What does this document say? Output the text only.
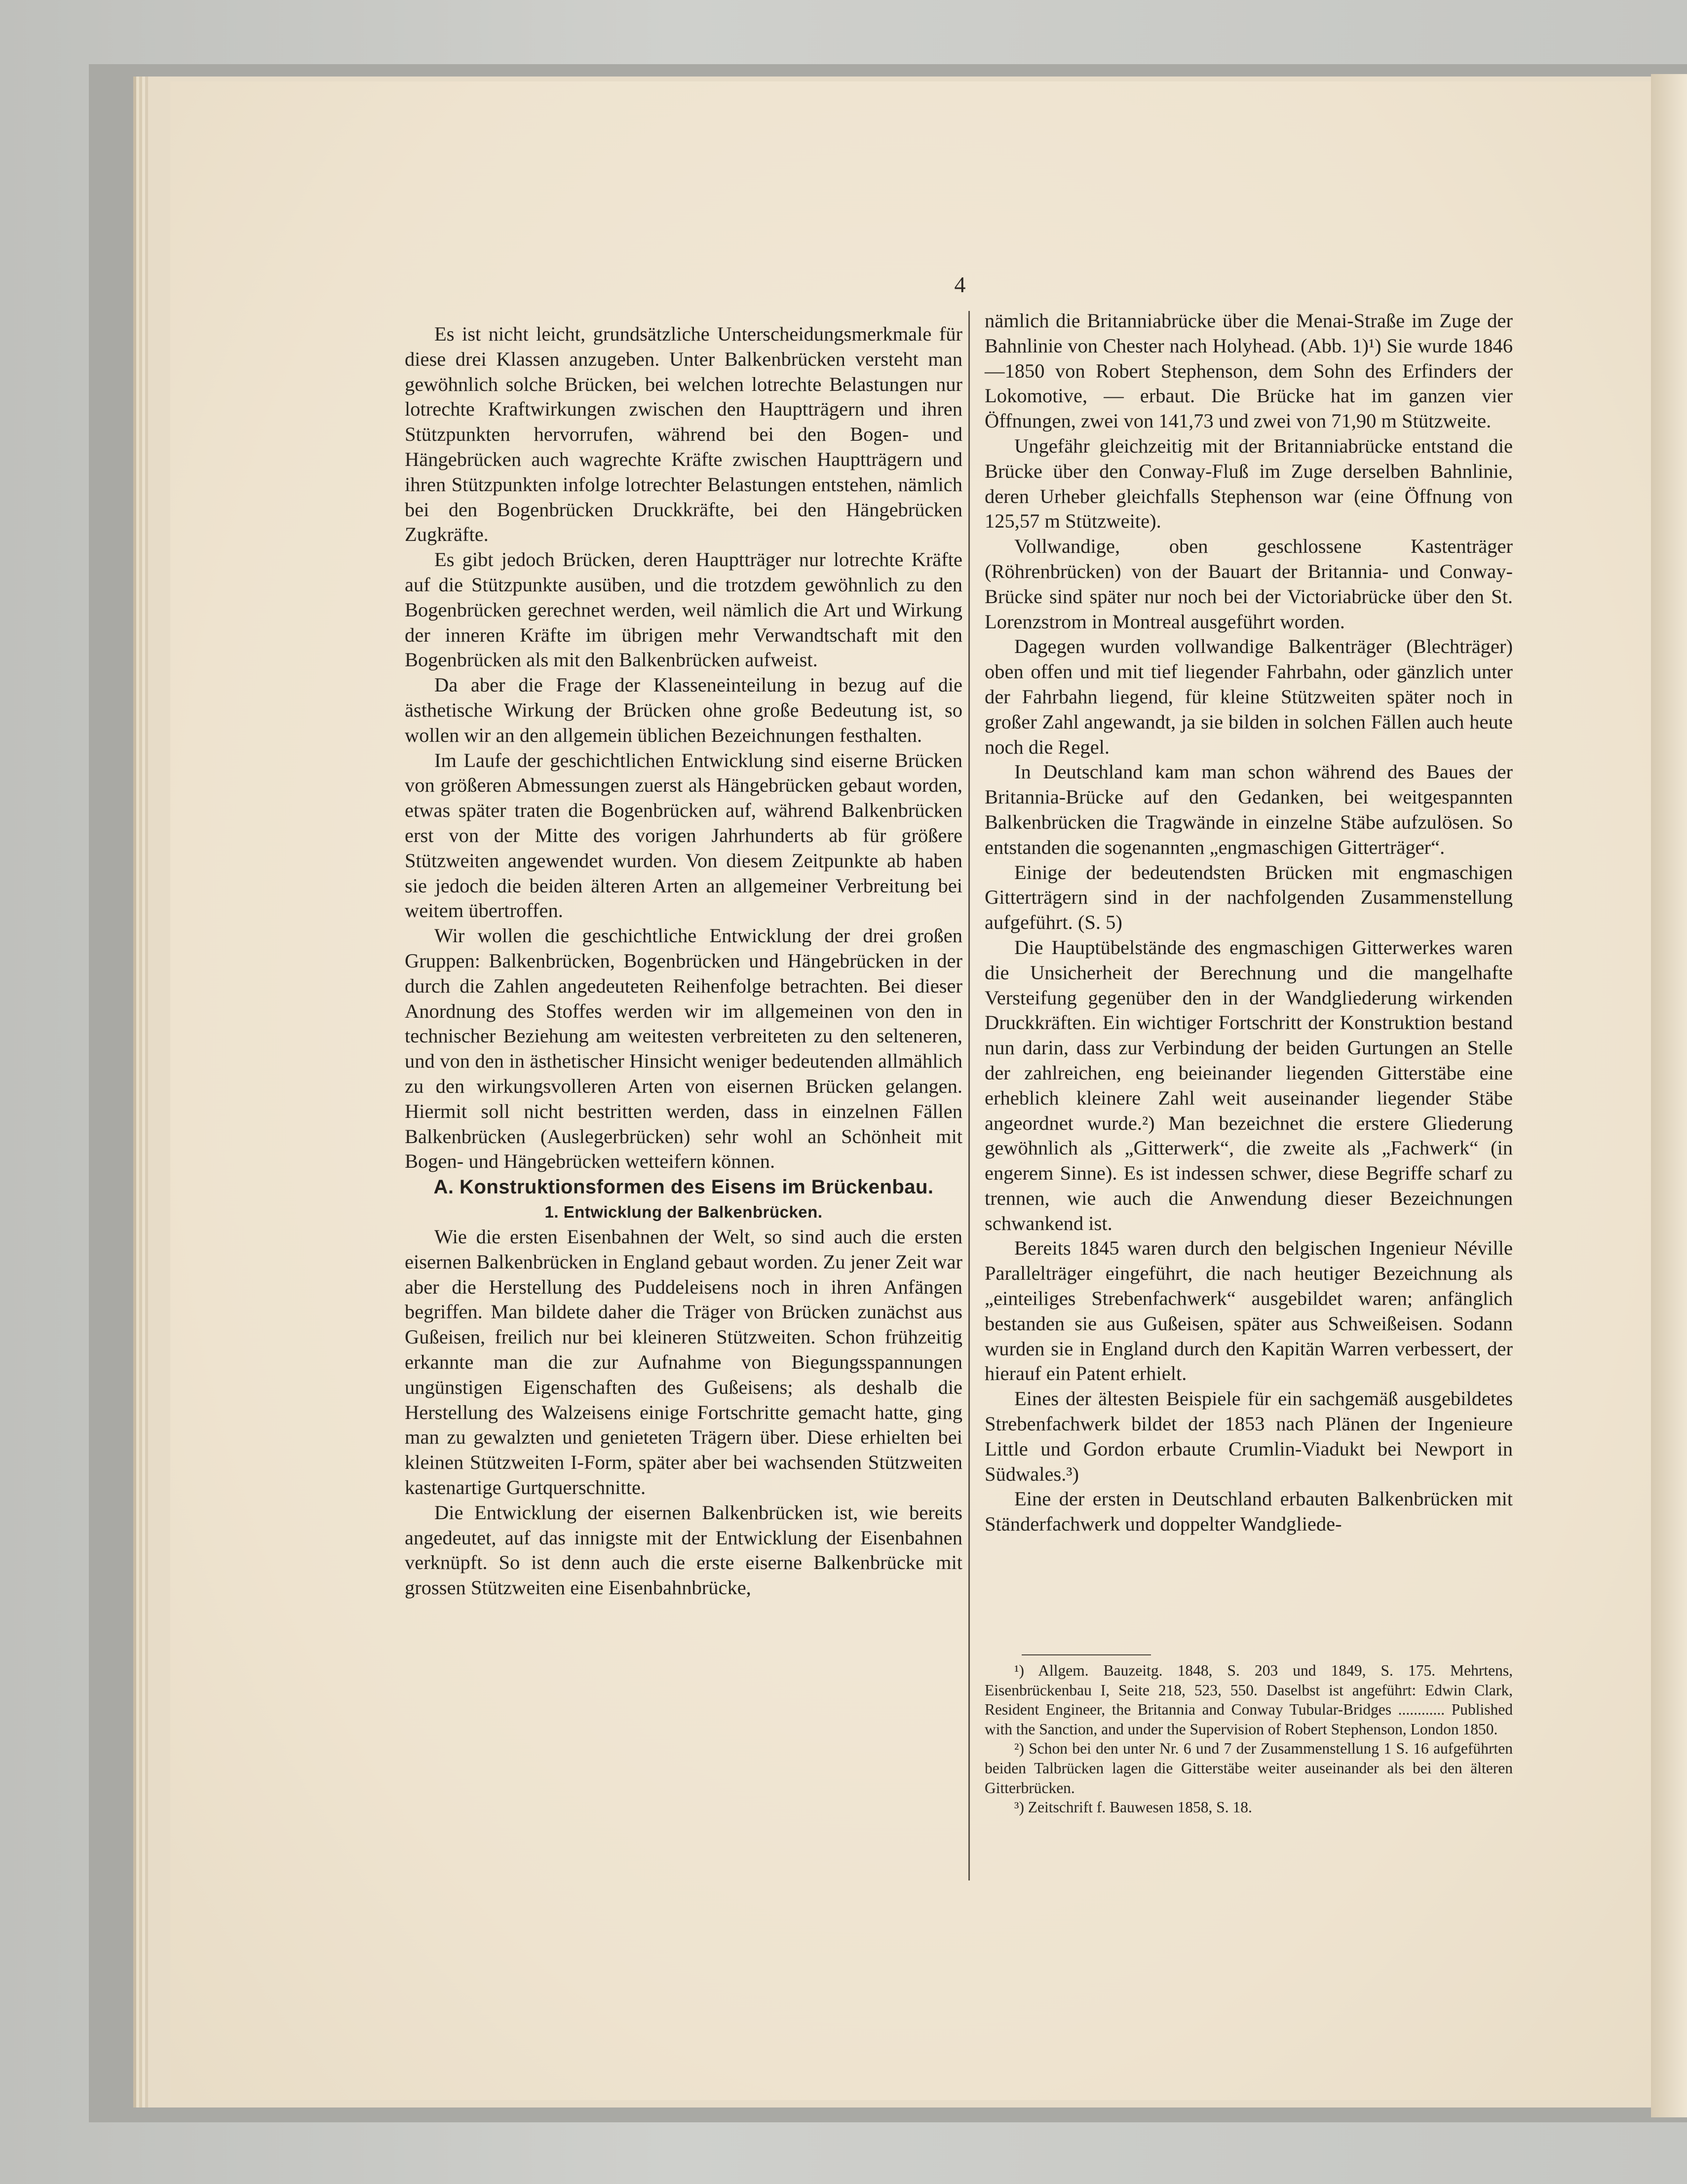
4

Es ist nicht leicht, grundsätzliche Unterscheidungsmerkmale für diese drei Klassen anzugeben. Unter Balkenbrücken versteht man gewöhnlich solche Brücken, bei welchen lotrechte Belastungen nur lotrechte Kraftwirkungen zwischen den Hauptträgern und ihren Stützpunkten hervorrufen, während bei den Bogen- und Hängebrücken auch wagrechte Kräfte zwischen Hauptträgern und ihren Stützpunkten infolge lotrechter Belastungen entstehen, nämlich bei den Bogenbrücken Druckkräfte, bei den Hängebrücken Zugkräfte.

Es gibt jedoch Brücken, deren Hauptträger nur lotrechte Kräfte auf die Stützpunkte ausüben, und die trotzdem gewöhnlich zu den Bogenbrücken gerechnet werden, weil nämlich die Art und Wirkung der inneren Kräfte im übrigen mehr Verwandtschaft mit den Bogenbrücken als mit den Balkenbrücken aufweist.

Da aber die Frage der Klasseneinteilung in bezug auf die ästhetische Wirkung der Brücken ohne große Bedeutung ist, so wollen wir an den allgemein üblichen Bezeichnungen festhalten.

Im Laufe der geschichtlichen Entwicklung sind eiserne Brücken von größeren Abmessungen zuerst als Hängebrücken gebaut worden, etwas später traten die Bogenbrücken auf, während Balkenbrücken erst von der Mitte des vorigen Jahrhunderts ab für größere Stützweiten angewendet wurden. Von diesem Zeitpunkte ab haben sie jedoch die beiden älteren Arten an allgemeiner Verbreitung bei weitem übertroffen.

Wir wollen die geschichtliche Entwicklung der drei großen Gruppen: Balkenbrücken, Bogenbrücken und Hängebrücken in der durch die Zahlen angedeuteten Reihenfolge betrachten. Bei dieser Anordnung des Stoffes werden wir im allgemeinen von den in technischer Beziehung am weitesten verbreiteten zu den selteneren, und von den in ästhetischer Hinsicht weniger bedeutenden allmählich zu den wirkungsvolleren Arten von eisernen Brücken gelangen. Hiermit soll nicht bestritten werden, dass in einzelnen Fällen Balkenbrücken (Auslegerbrücken) sehr wohl an Schönheit mit Bogen- und Hängebrücken wetteifern können.

A. Konstruktionsformen des Eisens im Brückenbau.

1. Entwicklung der Balkenbrücken.

Wie die ersten Eisenbahnen der Welt, so sind auch die ersten eisernen Balkenbrücken in England gebaut worden. Zu jener Zeit war aber die Herstellung des Puddeleisens noch in ihren Anfängen begriffen. Man bildete daher die Träger von Brücken zunächst aus Gußeisen, freilich nur bei kleineren Stützweiten. Schon frühzeitig erkannte man die zur Aufnahme von Biegungsspannungen ungünstigen Eigenschaften des Gußeisens; als deshalb die Herstellung des Walzeisens einige Fortschritte gemacht hatte, ging man zu gewalzten und genieteten Trägern über. Diese erhielten bei kleinen Stützweiten I-Form, später aber bei wachsenden Stützweiten kastenartige Gurtquerschnitte.

Die Entwicklung der eisernen Balkenbrücken ist, wie bereits angedeutet, auf das innigste mit der Entwicklung der Eisenbahnen verknüpft. So ist denn auch die erste eiserne Balkenbrücke mit grossen Stützweiten eine Eisenbahnbrücke,

nämlich die Britanniabrücke über die Menai-Straße im Zuge der Bahnlinie von Chester nach Holyhead. (Abb. 1)¹) Sie wurde 1846—1850 von Robert Stephenson, dem Sohn des Erfinders der Lokomotive, — erbaut. Die Brücke hat im ganzen vier Öffnungen, zwei von 141,73 und zwei von 71,90 m Stützweite.

Ungefähr gleichzeitig mit der Britanniabrücke entstand die Brücke über den Conway-Fluß im Zuge derselben Bahnlinie, deren Urheber gleichfalls Stephenson war (eine Öffnung von 125,57 m Stützweite).

Vollwandige, oben geschlossene Kastenträger (Röhrenbrücken) von der Bauart der Britannia- und Conway-Brücke sind später nur noch bei der Victoriabrücke über den St. Lorenzstrom in Montreal ausgeführt worden.

Dagegen wurden vollwandige Balkenträger (Blechträger) oben offen und mit tief liegender Fahrbahn, oder gänzlich unter der Fahrbahn liegend, für kleine Stützweiten später noch in großer Zahl angewandt, ja sie bilden in solchen Fällen auch heute noch die Regel.

In Deutschland kam man schon während des Baues der Britannia-Brücke auf den Gedanken, bei weitgespannten Balkenbrücken die Tragwände in einzelne Stäbe aufzulösen. So entstanden die sogenannten „engmaschigen Gitterträger“.

Einige der bedeutendsten Brücken mit engmaschigen Gitterträgern sind in der nachfolgenden Zusammenstellung aufgeführt. (S. 5)

Die Hauptübelstände des engmaschigen Gitterwerkes waren die Unsicherheit der Berechnung und die mangelhafte Versteifung gegenüber den in der Wandgliederung wirkenden Druckkräften. Ein wichtiger Fortschritt der Konstruktion bestand nun darin, dass zur Verbindung der beiden Gurtungen an Stelle der zahlreichen, eng beieinander liegenden Gitterstäbe eine erheblich kleinere Zahl weit auseinander liegender Stäbe angeordnet wurde.²) Man bezeichnet die erstere Gliederung gewöhnlich als „Gitterwerk“, die zweite als „Fachwerk“ (in engerem Sinne). Es ist indessen schwer, diese Begriffe scharf zu trennen, wie auch die Anwendung dieser Bezeichnungen schwankend ist.

Bereits 1845 waren durch den belgischen Ingenieur Néville Parallelträger eingeführt, die nach heutiger Bezeichnung als „einteiliges Strebenfachwerk“ ausgebildet waren; anfänglich bestanden sie aus Gußeisen, später aus Schweißeisen. Sodann wurden sie in England durch den Kapitän Warren verbessert, der hierauf ein Patent erhielt.

Eines der ältesten Beispiele für ein sachgemäß ausgebildetes Strebenfachwerk bildet der 1853 nach Plänen der Ingenieure Little und Gordon erbaute Crumlin-Viadukt bei Newport in Südwales.³)

Eine der ersten in Deutschland erbauten Balkenbrücken mit Ständerfachwerk und doppelter Wandgliede-

¹) Allgem. Bauzeitg. 1848, S. 203 und 1849, S. 175. Mehrtens, Eisenbrückenbau I, Seite 218, 523, 550. Daselbst ist angeführt: Edwin Clark, Resident Engineer, the Britannia and Conway Tubular-Bridges ............ Published with the Sanction, and under the Supervision of Robert Stephenson, London 1850.

²) Schon bei den unter Nr. 6 und 7 der Zusammenstellung 1 S. 16 aufgeführten beiden Talbrücken lagen die Gitterstäbe weiter auseinander als bei den älteren Gitterbrücken.

³) Zeitschrift f. Bauwesen 1858, S. 18.
